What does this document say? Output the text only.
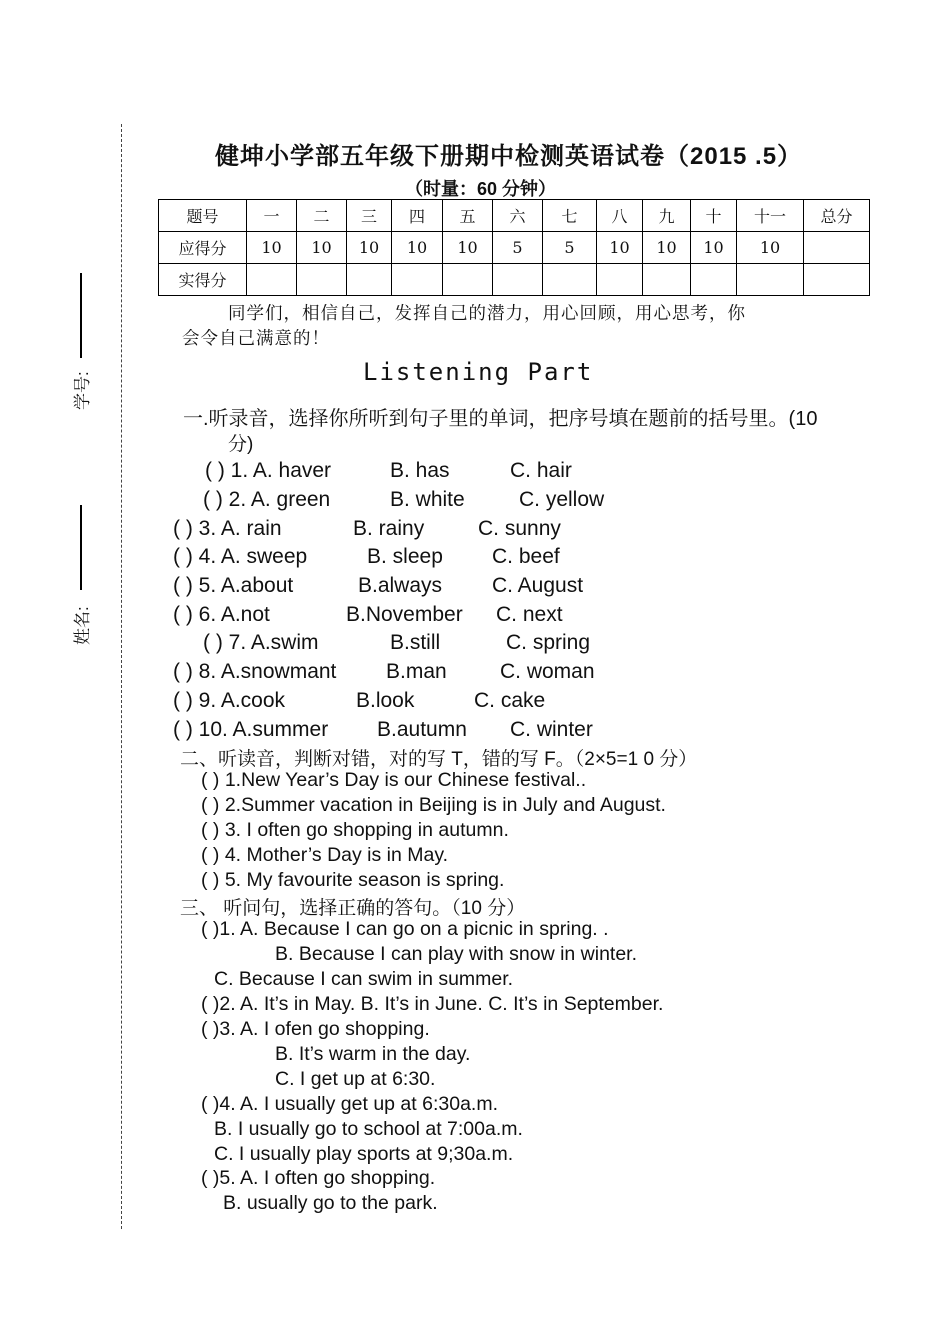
学号:
姓名:
健坤小学部五年级下册期中检测英语试卷（2015 .5）
（时量：60 分钟）
题号	一	二	三	四	五	六	七	八	九	十	十一	总分
应得分	10	10	10	10	10	5	5	10	10	10	10	
实得分												
同学们，相信自己，发挥自己的潜力，用心回顾，用心思考，你
会令自己满意的！
Listening Part
一.听录音，选择你所听到句子里的单词，把序号填在题前的括号里。(10
分)
( ) 1. A. haver	B. has	C. hair
( ) 2. A. green	B. white	C. yellow
( ) 3. A. rain	B. rainy	C. sunny
( ) 4. A. sweep	B. sleep C. beef
( ) 5. A.about	B.always C. August
( ) 6. A.not	B.November C. next
( ) 7. A.swim	B.still	C. spring
( ) 8. A.snowmant B.man	C. woman
( ) 9. A.cook	B.look	C. cake
( ) 10. A.summer B.autumn C. winter
二、听读音，判断对错，对的写 T，错的写 F。（2×5=1 0 分）
( ) 1.New Year’s Day is our Chinese festival..
( ) 2.Summer vacation in Beijing is in July and August.
( ) 3. I often go shopping in autumn.
( ) 4. Mother’s Day is in May.
( ) 5. My favourite season is spring.
三、 听问句，选择正确的答句。（10 分）
( )1. A. Because I can go on a picnic in spring. .
B. Because I can play with snow in winter.
C. Because I can swim in summer.
( )2. A. It’s in May. B. It’s in June. C. It’s in September.
( )3. A. I ofen go shopping.
B. It’s warm in the day.
C. I get up at 6:30.
( )4. A. I usually get up at 6:30a.m.
B. I usually go to school at 7:00a.m.
C. I usually play sports at 9;30a.m.
( )5. A. I often go shopping.
B. usually go to the park.
